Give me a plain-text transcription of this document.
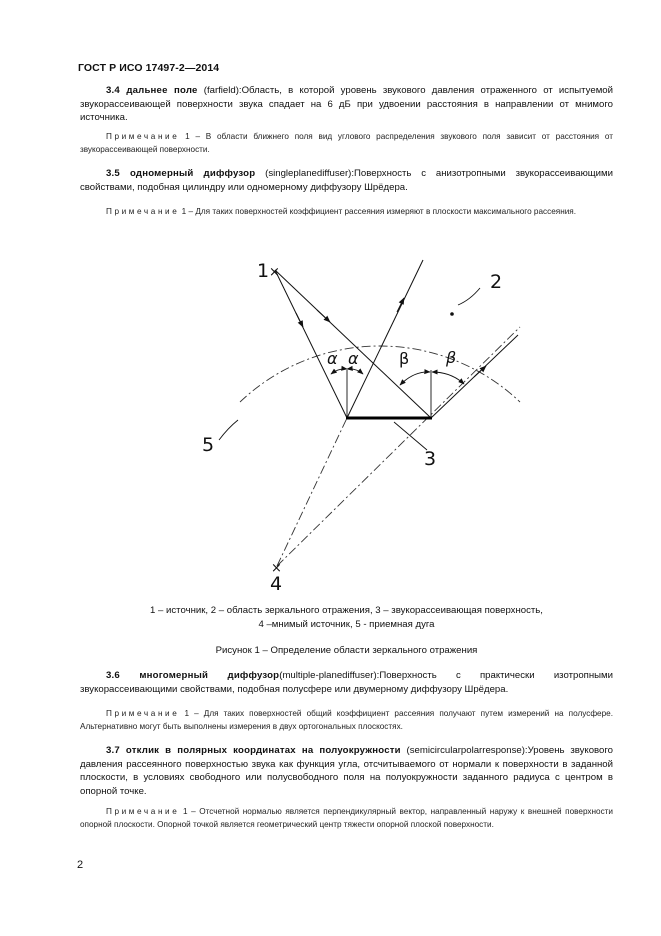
ГОСТ Р ИСО 17497-2—2014
3.4 дальнее поле (farfield):Область, в которой уровень звукового давления отраженного от испытуемой звукорассеивающей поверхности звука спадает на 6 дБ при удвоении расстояния в направлении от мнимого источника.
Примечание 1 – В области ближнего поля вид углового распределения звукового поля зависит от расстояния от звукорассеивающей поверхности.
3.5 одномерный диффузор (singleplanediffuser):Поверхность с анизотропными звукорассеивающими свойствами, подобная цилиндру или одномерному диффузору Шрёдера.
Примечание 1 – Для таких поверхностей коэффициент рассеяния измеряют в плоскости максимального рассеяния.
×
×
1	2
3
4
5
α α	β β
1 – источник, 2 – область зеркального отражения, 3 – звукорассеивающая поверхность,
4 –мнимый источник, 5 - приемная дуга
Рисунок 1 – Определение области зеркального отражения
3.6 многомерный диффузор(multiple-planediffuser):Поверхность с практически изотропными звукорассеивающими свойствами, подобная полусфере или двумерному диффузору Шрёдера.
Примечание 1 – Для таких поверхностей общий коэффициент рассеяния получают путем измерений на полусфере. Альтернативно могут быть выполнены измерения в двух ортогональных плоскостях.
3.7 отклик в полярных координатах на полуокружности (semicircularpolarresponse):Уровень звукового давления рассеянного поверхностью звука как функция угла, отсчитываемого от нормали к поверхности в заданной плоскости, в условиях свободного или полусвободного поля на полуокружности заданного радиуса с центром в опорной точке.
Примечание 1 – Отсчетной нормалью является перпендикулярный вектор, направленный наружу к внешней поверхности опорной плоскости. Опорной точкой является геометрический центр тяжести опорной плоской поверхности.
2
